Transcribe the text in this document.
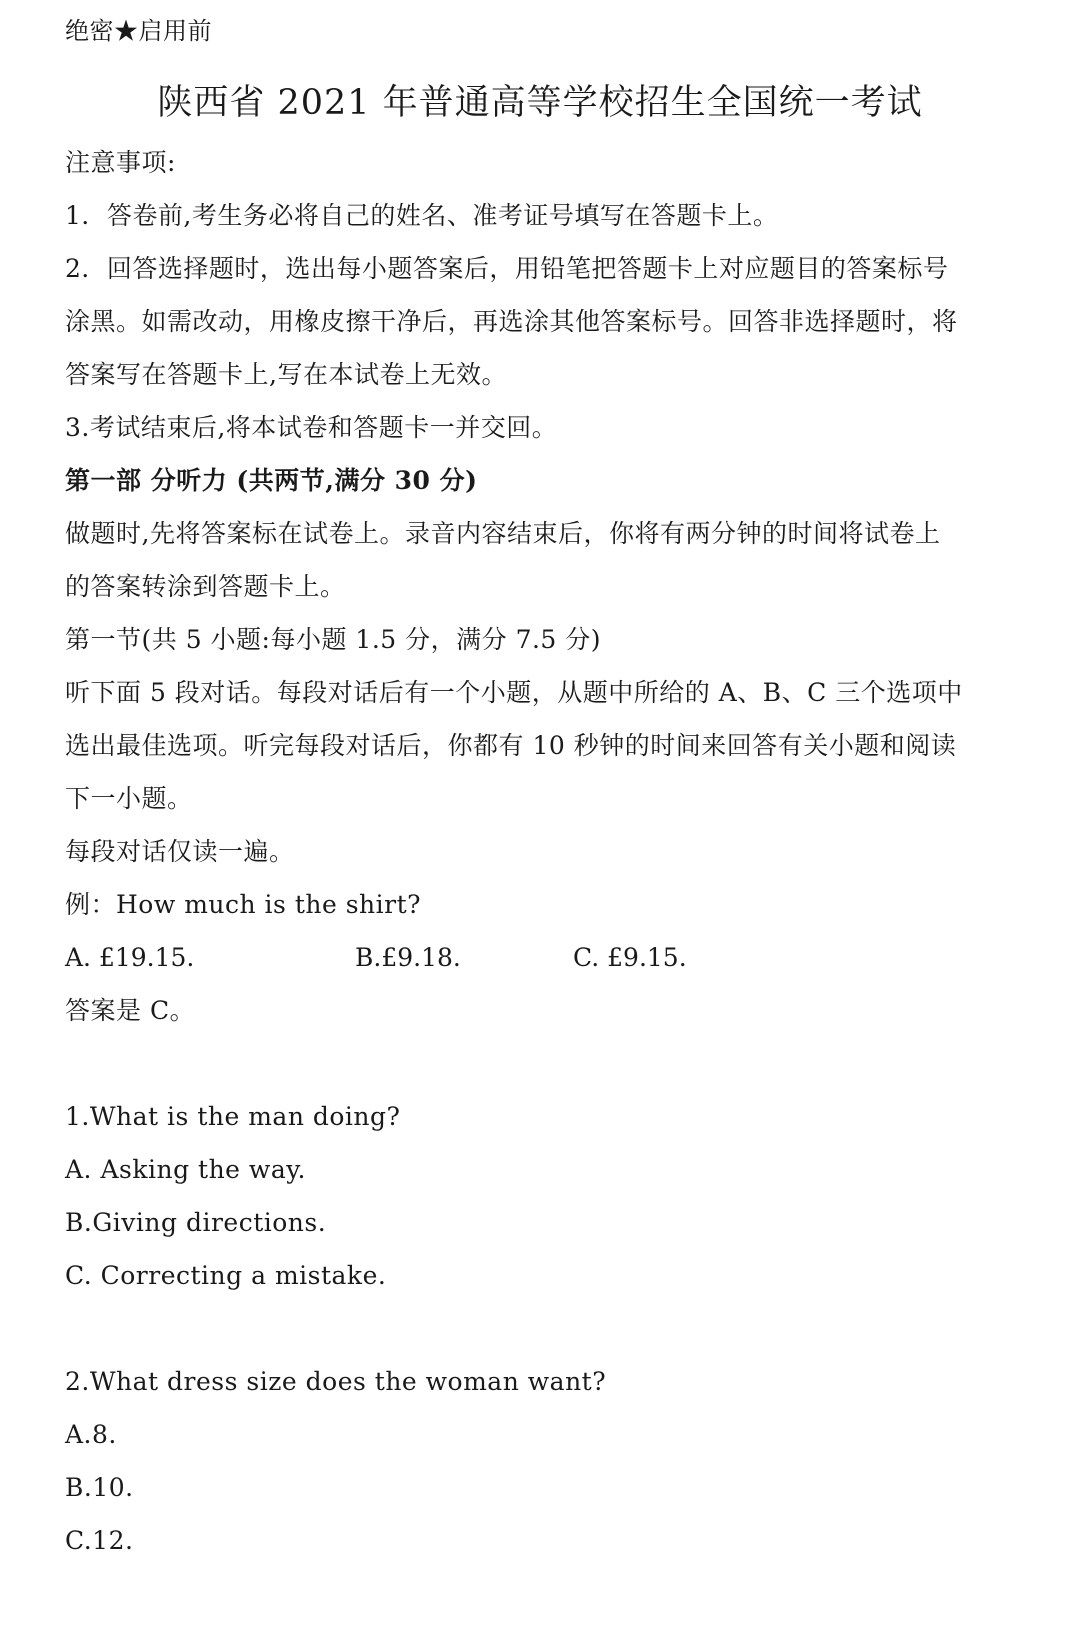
绝密★启用前
陕西省 2021 年普通高等学校招生全国统一考试
注意事项:
1．答卷前,考生务必将自己的姓名、准考证号填写在答题卡上。
2．回答选择题时，选出每小题答案后，用铅笔把答题卡上对应题目的答案标号
涂黑。如需改动，用橡皮擦干净后，再选涂其他答案标号。回答非选择题时，将
答案写在答题卡上,写在本试卷上无效。
3.考试结束后,将本试卷和答题卡一并交回。
第一部 分听力 (共两节,满分 30 分)
做题时,先将答案标在试卷上。录音内容结束后，你将有两分钟的时间将试卷上
的答案转涂到答题卡上。
第一节(共 5 小题:每小题 1.5 分，满分 7.5 分)
听下面 5 段对话。每段对话后有一个小题，从题中所给的 A、B、C 三个选项中
选出最佳选项。听完每段对话后，你都有 10 秒钟的时间来回答有关小题和阅读
下一小题。
每段对话仅读一遍。
例：How much is the shirt?
A. £19.15.	B.£9.18.	C. £9.15.
答案是 C。
1.What is the man doing?
A. Asking the way.
B.Giving directions.
C. Correcting a mistake.
2.What dress size does the woman want?
A.8.
B.10.
C.12.
